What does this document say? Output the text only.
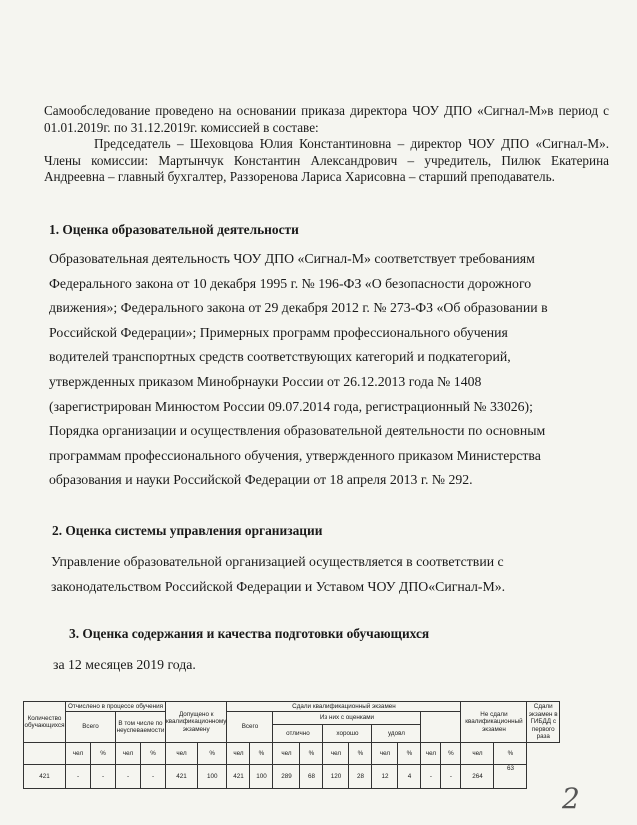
Самообследование проведено на основании приказа директора ЧОУ ДПО «Сигнал-М»в период с 01.01.2019г. по 31.12.2019г. комиссией в составе:

Председатель – Шеховцова Юлия Константиновна – директор ЧОУ ДПО «Сигнал-М». Члены комиссии: Мартынчук Константин Александрович – учредитель, Пилюк Екатерина Андреевна – главный бухгалтер, Раззоренова Лариса Харисовна – старший преподаватель.

1. Оценка образовательной деятельности
Образовательная деятельность ЧОУ ДПО «Сигнал-М» соответствует требованиям Федерального закона от 10 декабря 1995 г. № 196-ФЗ «О безопасности дорожного движения»; Федерального закона от 29 декабря 2012 г. № 273-ФЗ «Об образовании в Российской Федерации»; Примерных программ профессионального обучения водителей транспортных средств соответствующих категорий и подкатегорий, утвержденных приказом Минобрнауки России от 26.12.2013 года № 1408 (зарегистрирован Минюстом России 09.07.2014 года, регистрационный № 33026); Порядка организации и осуществления образовательной деятельности по основным программам профессионального обучения, утвержденного приказом Министерства образования и науки Российской Федерации от 18 апреля 2013 г. № 292.
2. Оценка системы управления организации
Управление образовательной организацией осуществляется в соответствии с законодательством Российской Федерации и Уставом ЧОУ ДПО«Сигнал-М».
3. Оценка содержания и качества подготовки обучающихся
за 12 месяцев 2019 года.
Количество обучающихся	Отчислено в процессе обучения				Допущено к квалификационному экзамену		Сдали квалификационный экзамен										Не сдали квалификационный экзамен		Сдали экзамен в ГИБДД с первого раза
	Всего		В том числе по неуспеваемости				Всего		Из них с оценками										
									отлично		хорошо		удовл						
	чел	%	чел	%	чел	%	чел	%	чел	%	чел	%	чел	%	чел	%	чел	%	
421	-	-	-	-	421	100	421	100	289	68	120	28	12	4	-	-	264	63	
2
